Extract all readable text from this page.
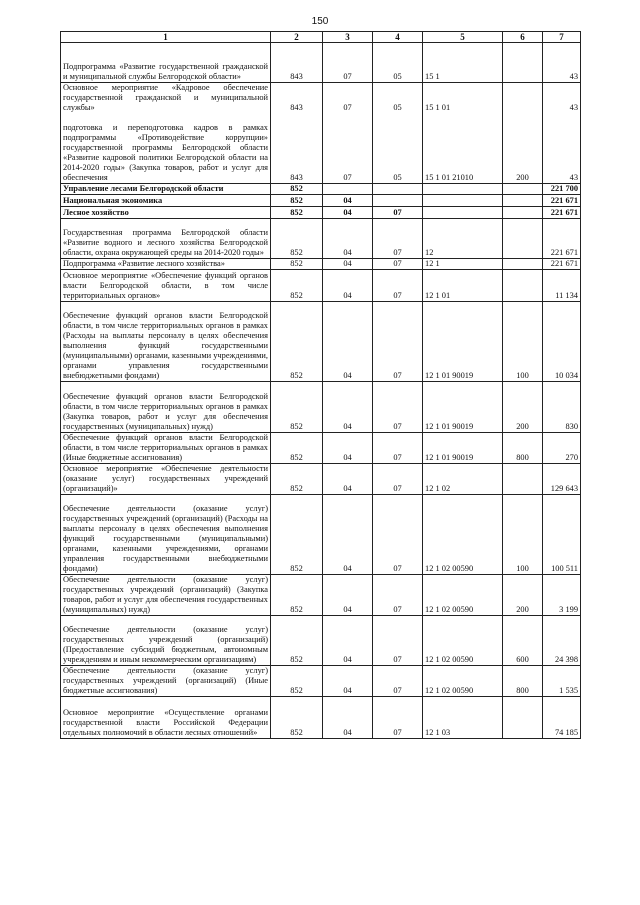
150
1	2	3	4	5	6	7
Подпрограмма «Развитие государственной гражданской и муниципальной службы Белгородской области»	843	07	05	15 1		43
Основное мероприятие «Кадровое обеспечение государственной гражданской и муниципальной службы»	843	07	05	15 1 01		43
подготовка и переподготовка кадров в рамках подпрограммы «Противодействие коррупции» государственной программы Белгородской области «Развитие кадровой политики Белгородской области на 2014-2020 годы» (Закупка товаров, работ и услуг для обеспечения	843	07	05	15 1 01 21010	200	43
Управление лесами Белгородской области	852					221 700
Национальная экономика	852	04				221 671
Лесное хозяйство	852	04	07			221 671
Государственная программа Белгородской области «Развитие водного и лесного хозяйства Белгородской области, охрана окружающей среды на 2014-2020 годы»	852	04	07	12		221 671
Подпрограмма «Развитие лесного хозяйства»	852	04	07	12 1		221 671
Основное мероприятие «Обеспечение функций органов власти Белгородской области, в том числе территориальных органов»	852	04	07	12 1 01		11 134
Обеспечение функций органов власти Белгородской области, в том числе территориальных органов в рамках (Расходы на выплаты персоналу в целях обеспечения выполнения функций государственными (муниципальными) органами, казенными учреждениями, органами управления государственными внебюджетными фондами)	852	04	07	12 1 01 90019	100	10 034
Обеспечение функций органов власти Белгородской области, в том числе территориальных органов в рамках (Закупка товаров, работ и услуг для обеспечения государственных (муниципальных) нужд)	852	04	07	12 1 01 90019	200	830
Обеспечение функций органов власти Белгородской области, в том числе территориальных органов в рамках (Иные бюджетные ассигнования)	852	04	07	12 1 01 90019	800	270
Основное мероприятие «Обеспечение деятельности (оказание услуг) государственных учреждений (организаций)»	852	04	07	12 1 02		129 643
Обеспечение деятельности (оказание услуг) государственных учреждений (организаций) (Расходы на выплаты персоналу в целях обеспечения выполнения функций государственными (муниципальными) органами, казенными учреждениями, органами управления государственными внебюджетными фондами)	852	04	07	12 1 02 00590	100	100 511
Обеспечение деятельности (оказание услуг) государственных учреждений (организаций) (Закупка товаров, работ и услуг для обеспечения государственных (муниципальных) нужд)	852	04	07	12 1 02 00590	200	3 199
Обеспечение деятельности (оказание услуг) государственных учреждений (организаций) (Предоставление субсидий бюджетным, автономным учреждениям и иным некоммерческим организациям)	852	04	07	12 1 02 00590	600	24 398
Обеспечение деятельности (оказание услуг) государственных учреждений (организаций) (Иные бюджетные ассигнования)	852	04	07	12 1 02 00590	800	1 535
Основное мероприятие «Осуществление органами государственной власти Российской Федерации отдельных полномочий в области лесных отношений»	852	04	07	12 1 03		74 185
